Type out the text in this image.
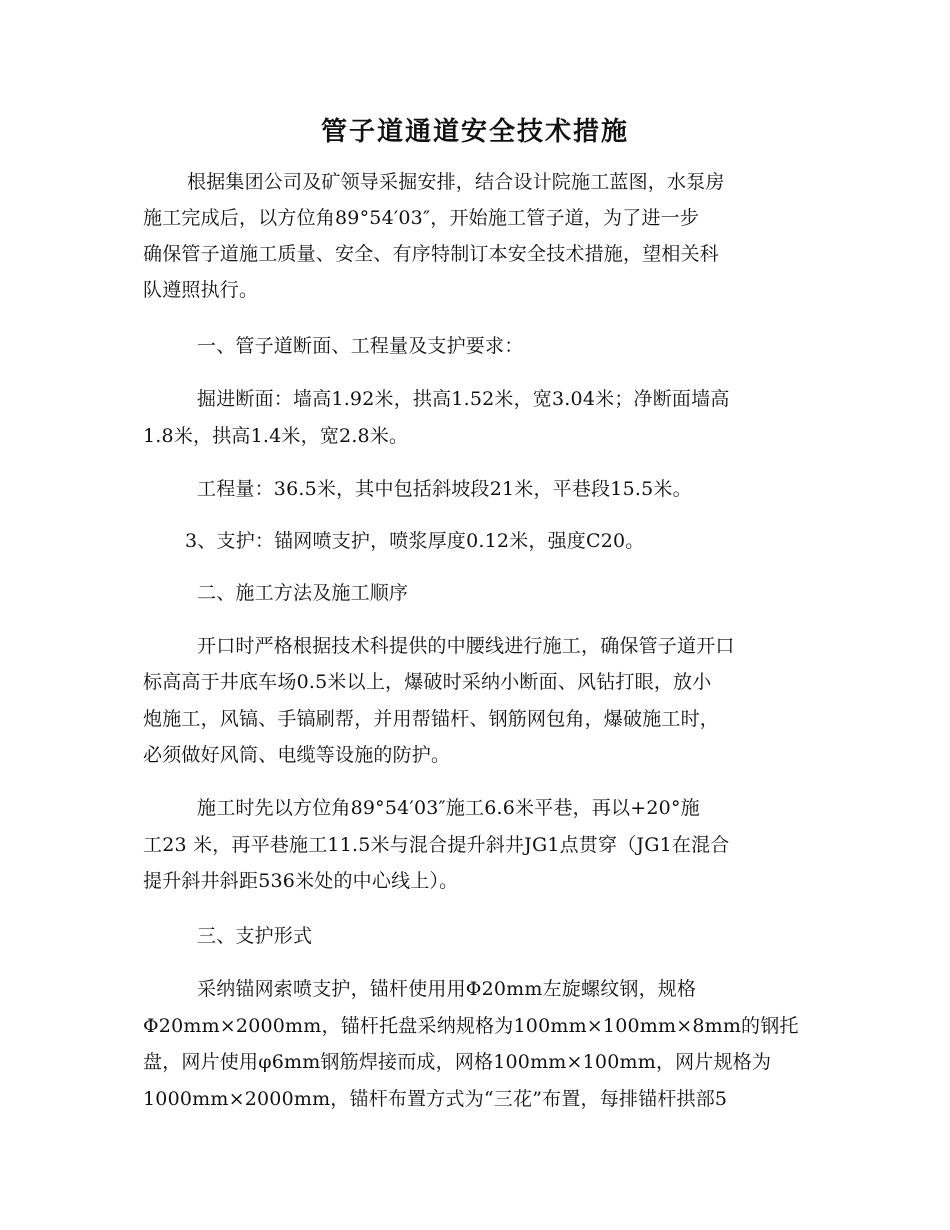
管子道通道安全技术措施
根据集团公司及矿领导采掘安排，结合设计院施工蓝图，水泵房
施工完成后，以方位角89°54′03″，开始施工管子道，为了进一步
确保管子道施工质量、安全、有序特制订本安全技术措施，望相关科
队遵照执行。
一、管子道断面、工程量及支护要求：
掘进断面：墙高1.92米，拱高1.52米，宽3.04米；净断面墙高
1.8米，拱高1.4米，宽2.8米。
工程量：36.5米，其中包括斜坡段21米，平巷段15.5米。
3、支护：锚网喷支护，喷浆厚度0.12米，强度C20。
二、施工方法及施工顺序
开口时严格根据技术科提供的中腰线进行施工，确保管子道开口
标高高于井底车场0.5米以上，爆破时采纳小断面、风钻打眼，放小
炮施工，风镐、手镐刷帮，并用帮锚杆、钢筋网包角，爆破施工时，
必须做好风筒、电缆等设施的防护。
施工时先以方位角89°54′03″施工6.6米平巷，再以+20°施
工23 米，再平巷施工11.5米与混合提升斜井JG1点贯穿（JG1在混合
提升斜井斜距536米处的中心线上）。
三、支护形式
采纳锚网索喷支护，锚杆使用用Φ20mm左旋螺纹钢，规格
Φ20mm×2000mm，锚杆托盘采纳规格为100mm×100mm×8mm的钢托
盘，网片使用φ6mm钢筋焊接而成，网格100mm×100mm，网片规格为
1000mm×2000mm，锚杆布置方式为“三花”布置，每排锚杆拱部5
